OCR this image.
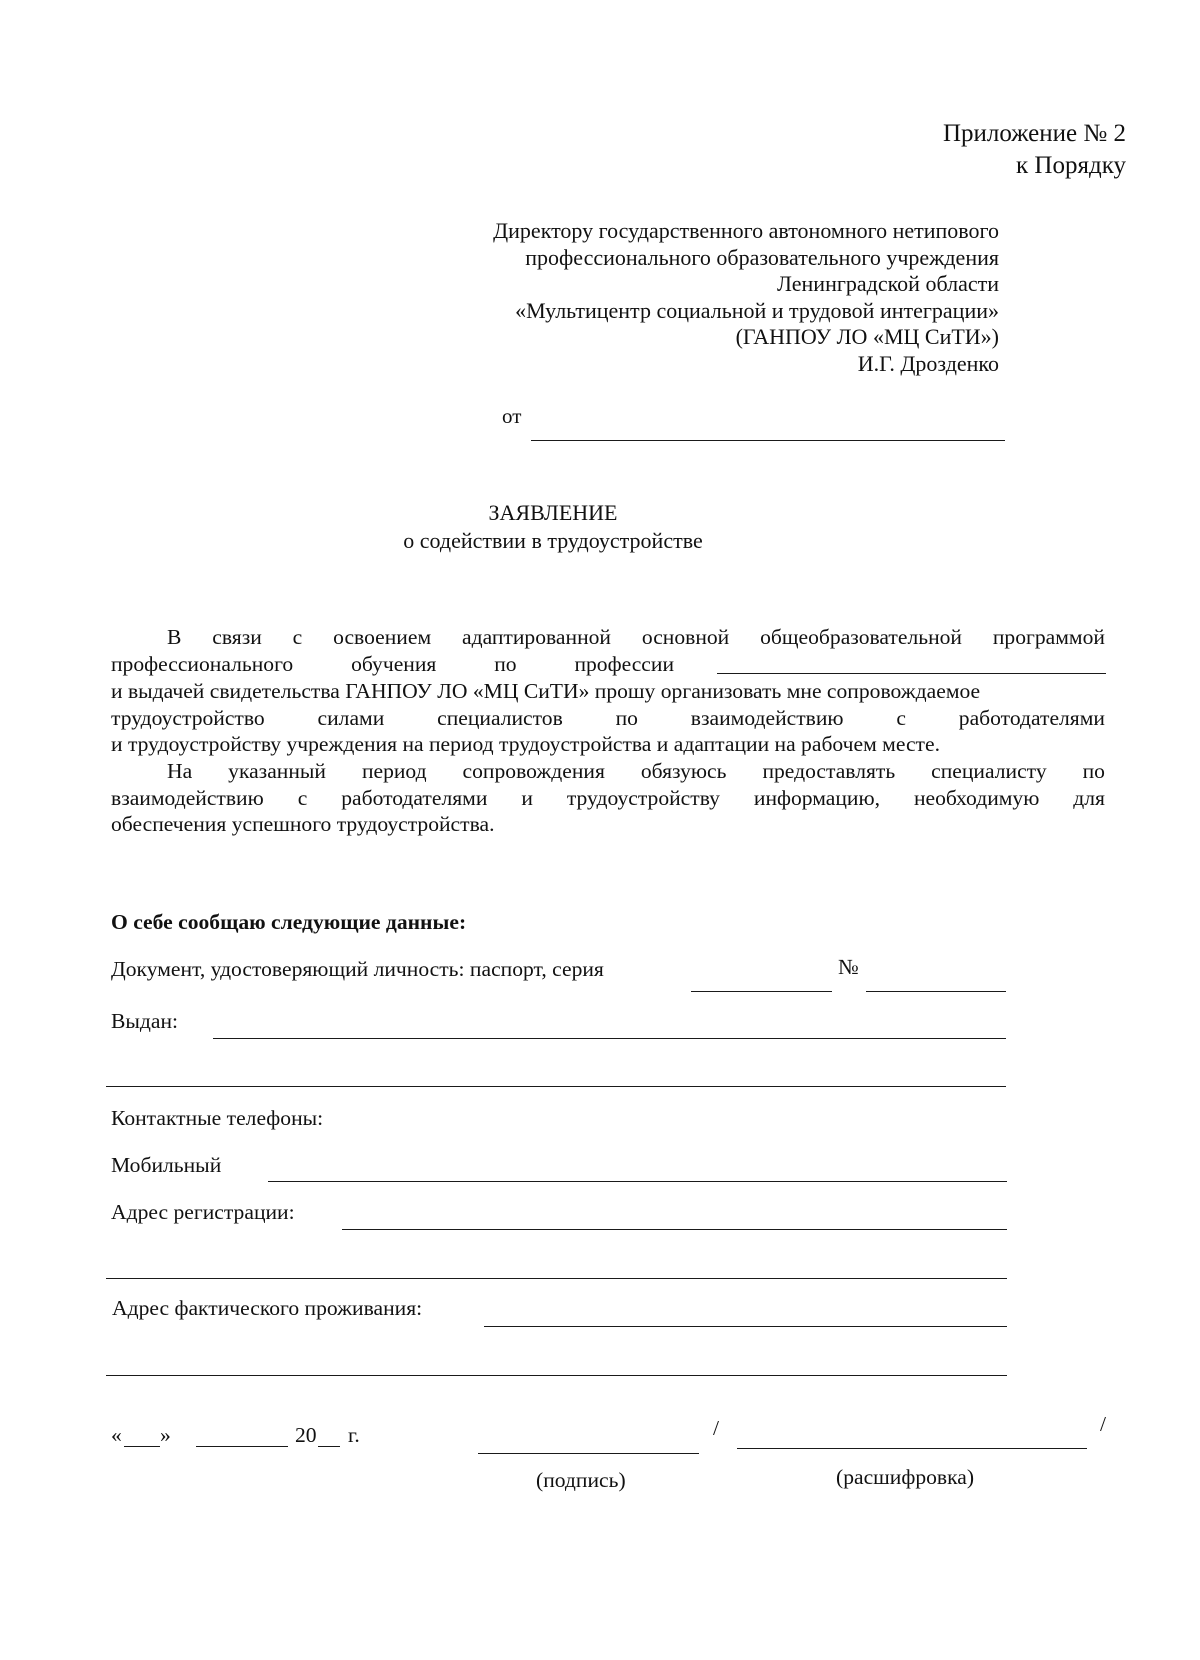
Приложение № 2
к Порядку
Директору государственного автономного нетипового
профессионального образовательного учреждения
Ленинградской области
«Мультицентр социальной и трудовой интеграции»
(ГАНПОУ ЛО «МЦ СиТИ»)
И.Г. Дрозденко
от
ЗАЯВЛЕНИЕ
о содействии в трудоустройстве
В связи с освоением адаптированной основной общеобразовательной программой
профессионального	обучения	по	профессии
и выдачей свидетельства ГАНПОУ ЛО «МЦ СиТИ» прошу организовать мне сопровождаемое
трудоустройство силами специалистов по взаимодействию с работодателями
и трудоустройству учреждения на период трудоустройства и адаптации на рабочем месте.
На указанный период сопровождения обязуюсь предоставлять специалисту по
взаимодействию с работодателями и трудоустройству информацию, необходимую для
обеспечения успешного трудоустройства.
О себе сообщаю следующие данные:
Документ, удостоверяющий личность: паспорт, серия	№
Выдан:
Контактные телефоны:
Мобильный
Адрес регистрации:
Адрес фактического проживания:
« »	20 г.	/	/
(подпись)	(расшифровка)
